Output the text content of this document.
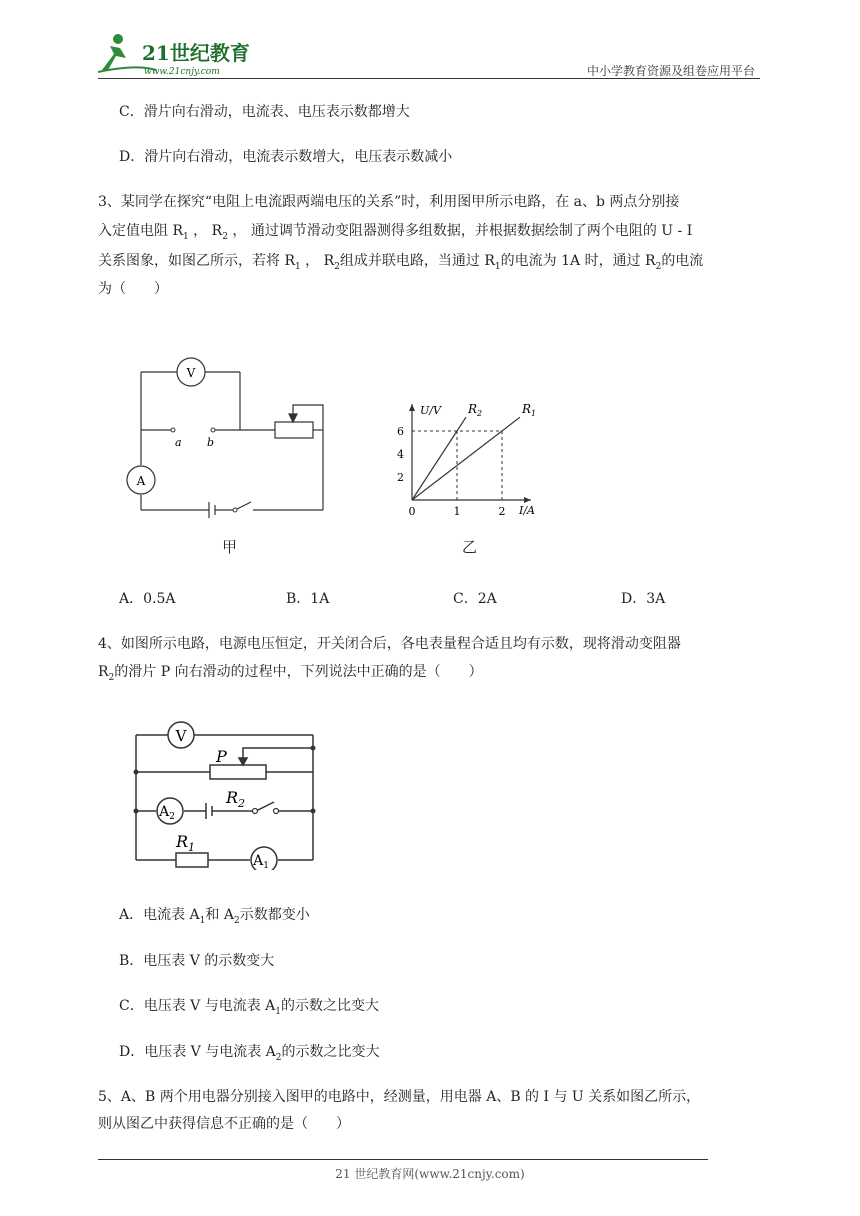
21世纪教育
www.21cnjy.com	中小学教育资源及组卷应用平台
C．滑片向右滑动，电流表、电压表示数都增大
D．滑片向右滑动，电流表示数增大，电压表示数减小
3、某同学在探究“电阻上电流跟两端电压的关系”时，利用图甲所示电路，在 a、b 两点分别接
入定值电阻 $R_1$ ， $R_2$ ， 通过调节滑动变阻器测得多组数据，并根据数据绘制了两个电阻的 U - I
关系图象，如图乙所示，若将 $R_1$ ， $R_2$组成并联电路，当通过 $R_1$的电流为 1A 时，通过 $R_2$的电流
为（　　）
V
A
a b
甲
U/V
I/A
0	1	2
2
4
6
$R_2$	$R_1$
乙
A．0.5A	B．1A	C．2A	D．3A
4、如图所示电路，电源电压恒定，开关闭合后，各电表量程合适且均有示数，现将滑动变阻器
$R_2$的滑片 P 向右滑动的过程中，下列说法中正确的是（　　）
V
$A_2$
$A_1$
P
$R_2$
$R_1$
A．电流表 $A_1$和 $A_2$示数都变小
B．电压表 V 的示数变大
C．电压表 V 与电流表 $A_1$的示数之比变大
D．电压表 V 与电流表 $A_2$的示数之比变大
5、A、B 两个用电器分别接入图甲的电路中，经测量，用电器 A、B 的 I 与 U 关系如图乙所示，
则从图乙中获得信息不正确的是（　　）
21 世纪教育网(www.21cnjy.com)
